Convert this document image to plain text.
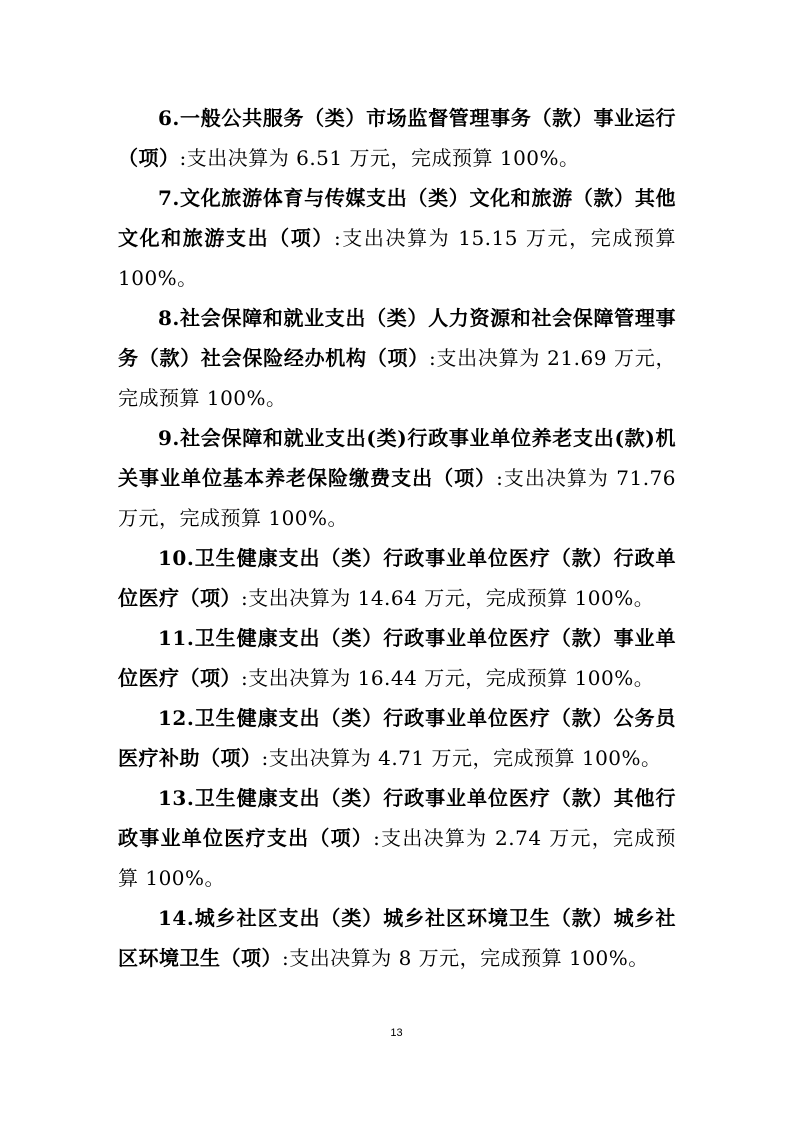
6.一般公共服务（类）市场监督管理事务（款）事业运行（项）:支出决算为 6.51 万元，完成预算 100%。

7.文化旅游体育与传媒支出（类）文化和旅游（款）其他文化和旅游支出（项）:支出决算为 15.15 万元，完成预算 100%。

8.社会保障和就业支出（类）人力资源和社会保障管理事务（款）社会保险经办机构（项）:支出决算为 21.69 万元，完成预算 100%。

9.社会保障和就业支出(类)行政事业单位养老支出(款)机关事业单位基本养老保险缴费支出（项）:支出决算为 71.76 万元，完成预算 100%。

10.卫生健康支出（类）行政事业单位医疗（款）行政单位医疗（项）:支出决算为 14.64 万元，完成预算 100%。

11.卫生健康支出（类）行政事业单位医疗（款）事业单位医疗（项）:支出决算为 16.44 万元，完成预算 100%。

12.卫生健康支出（类）行政事业单位医疗（款）公务员医疗补助（项）:支出决算为 4.71 万元，完成预算 100%。

13.卫生健康支出（类）行政事业单位医疗（款）其他行政事业单位医疗支出（项）:支出决算为 2.74 万元，完成预算 100%。

14.城乡社区支出（类）城乡社区环境卫生（款）城乡社区环境卫生（项）:支出决算为 8 万元，完成预算 100%。

13
